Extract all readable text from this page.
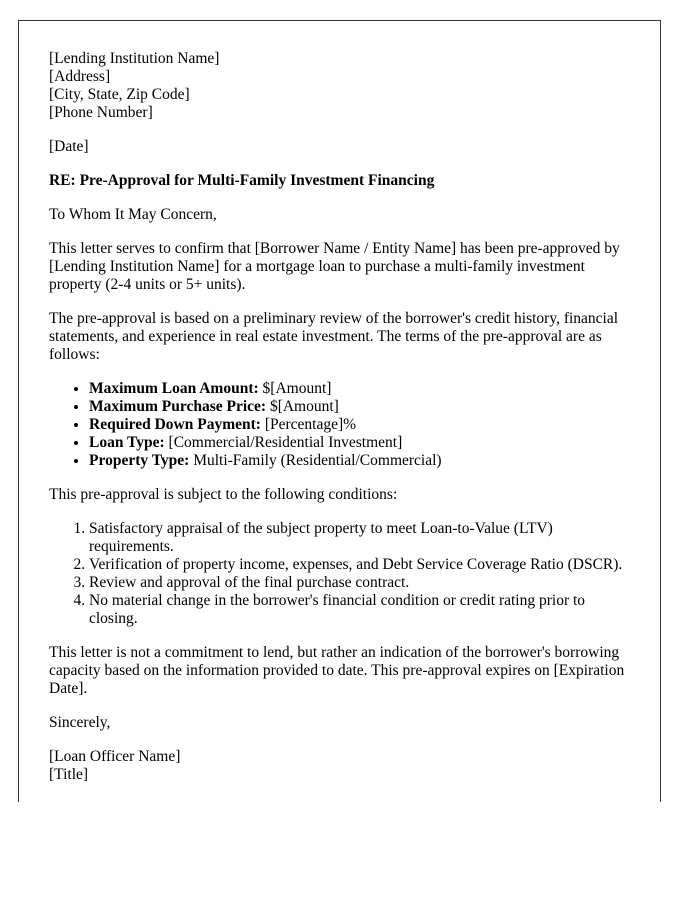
[Lending Institution Name]
[Address]
[City, State, Zip Code]
[Phone Number]

[Date]

RE: Pre-Approval for Multi-Family Investment Financing

To Whom It May Concern,

This letter serves to confirm that [Borrower Name / Entity Name] has been pre-approved by [Lending Institution Name] for a mortgage loan to purchase a multi-family investment property (2-4 units or 5+ units).

The pre-approval is based on a preliminary review of the borrower's credit history, financial statements, and experience in real estate investment. The terms of the pre-approval are as follows:

• Maximum Loan Amount: $[Amount]
• Maximum Purchase Price: $[Amount]
• Required Down Payment: [Percentage]%
• Loan Type: [Commercial/Residential Investment]
• Property Type: Multi-Family (Residential/Commercial)

This pre-approval is subject to the following conditions:

1. Satisfactory appraisal of the subject property to meet Loan-to-Value (LTV) requirements.
2. Verification of property income, expenses, and Debt Service Coverage Ratio (DSCR).
3. Review and approval of the final purchase contract.
4. No material change in the borrower's financial condition or credit rating prior to closing.

This letter is not a commitment to lend, but rather an indication of the borrower's borrowing capacity based on the information provided to date. This pre-approval expires on [Expiration Date].

Sincerely,

[Loan Officer Name]
[Title]
